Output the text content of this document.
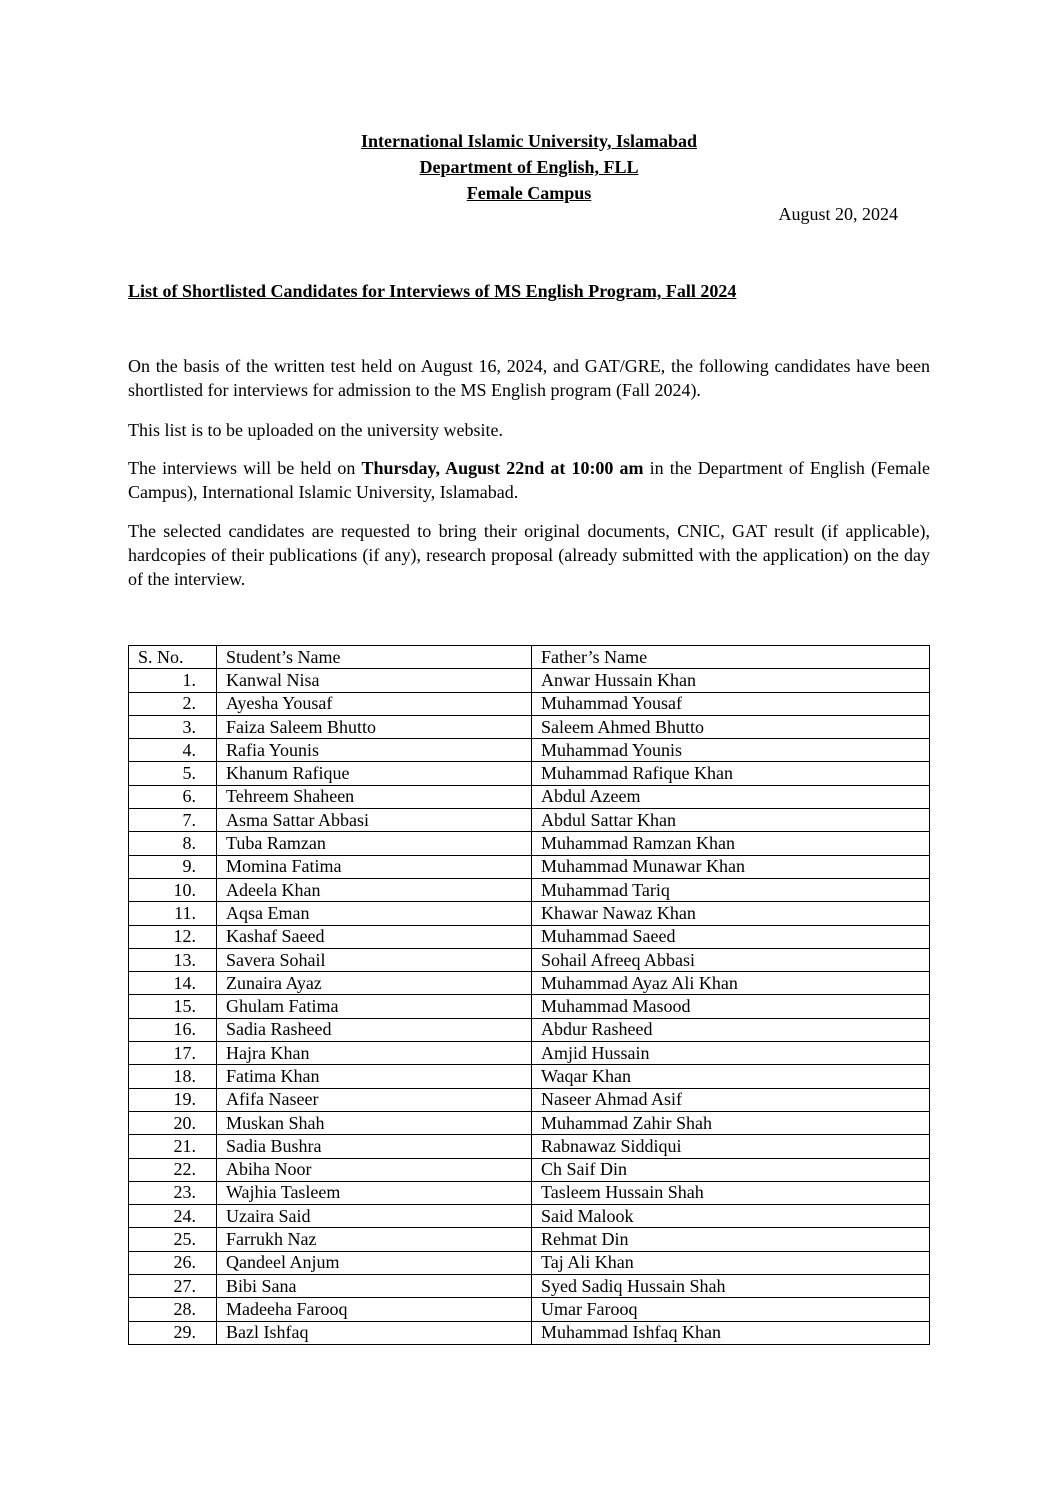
International Islamic University, Islamabad
Department of English, FLL
Female Campus
August 20, 2024
List of Shortlisted Candidates for Interviews of MS English Program, Fall 2024
On the basis of the written test held on August 16, 2024, and GAT/GRE, the following candidates have been shortlisted for interviews for admission to the MS English program (Fall 2024).
This list is to be uploaded on the university website.
The interviews will be held on Thursday, August 22nd at 10:00 am in the Department of English (Female Campus), International Islamic University, Islamabad.
The selected candidates are requested to bring their original documents, CNIC, GAT result (if applicable), hardcopies of their publications (if any), research proposal (already submitted with the application) on the day of the interview.
S. No.	Student’s Name	Father’s Name
1.	Kanwal Nisa	Anwar Hussain Khan
2.	Ayesha Yousaf	Muhammad Yousaf
3.	Faiza Saleem Bhutto	Saleem Ahmed Bhutto
4.	Rafia Younis	Muhammad Younis
5.	Khanum Rafique	Muhammad Rafique Khan
6.	Tehreem Shaheen	Abdul Azeem
7.	Asma Sattar Abbasi	Abdul Sattar Khan
8.	Tuba Ramzan	Muhammad Ramzan Khan
9.	Momina Fatima	Muhammad Munawar Khan
10.	Adeela Khan	Muhammad Tariq
11.	Aqsa Eman	Khawar Nawaz Khan
12.	Kashaf Saeed	Muhammad Saeed
13.	Savera Sohail	Sohail Afreeq Abbasi
14.	Zunaira Ayaz	Muhammad Ayaz Ali Khan
15.	Ghulam Fatima	Muhammad Masood
16.	Sadia Rasheed	Abdur Rasheed
17.	Hajra Khan	Amjid Hussain
18.	Fatima Khan	Waqar Khan
19.	Afifa Naseer	Naseer Ahmad Asif
20.	Muskan Shah	Muhammad Zahir Shah
21.	Sadia Bushra	Rabnawaz Siddiqui
22.	Abiha Noor	Ch Saif Din
23.	Wajhia Tasleem	Tasleem Hussain Shah
24.	Uzaira Said	Said Malook
25.	Farrukh Naz	Rehmat Din
26.	Qandeel Anjum	Taj Ali Khan
27.	Bibi Sana	Syed Sadiq Hussain Shah
28.	Madeeha Farooq	Umar Farooq
29.	Bazl Ishfaq	Muhammad Ishfaq Khan
